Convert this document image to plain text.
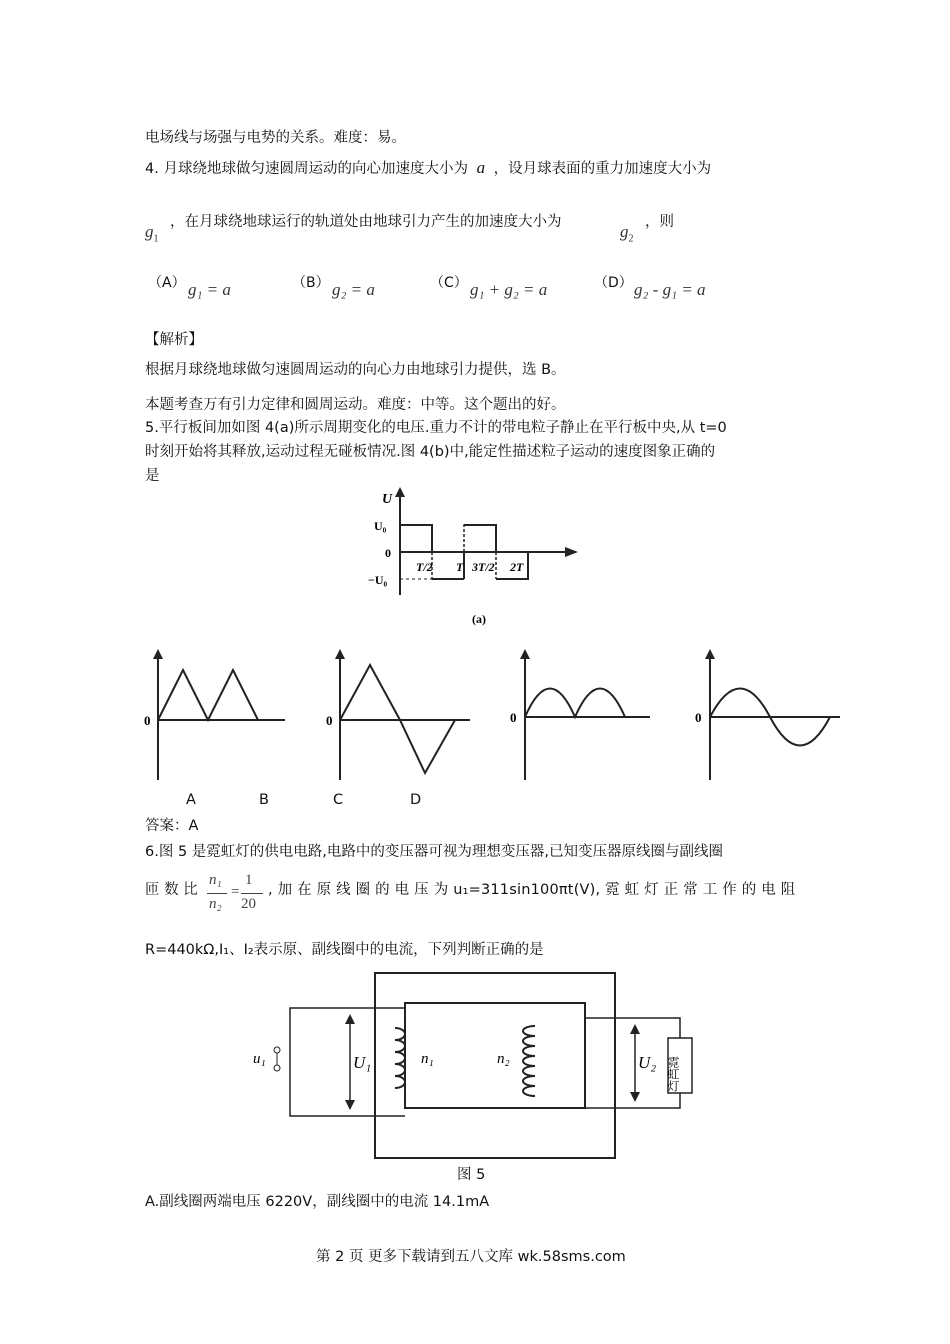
电场线与场强与电势的关系。难度：易。
4. 月球绕地球做匀速圆周运动的向心加速度大小为 a ，设月球表面的重力加速度大小为
$g_1$
，在月球绕地球运行的轨道处由地球引力产生的加速度大小为	$g_2$
，则
（A） g₁ = a	（B） g₂ = a	（C） g₁ + g₂ = a	（D） g₂ - g₁ = a
【解析】
根据月球绕地球做匀速圆周运动的向心力由地球引力提供，选 B。
本题考查万有引力定律和圆周运动。难度：中等。这个题出的好。
5.平行板间加如图 4(a)所示周期变化的电压.重力不计的带电粒子静止在平行板中央,从 t=0
时刻开始将其释放,运动过程无碰板情况.图 4(b)中,能定性描述粒子运动的速度图象正确的
是
U
U₀
0
−U₀
T/2 T 3T/2 2T
(a)
0	0	0	0
A	B	C	D
答案：A
6.图 5 是霓虹灯的供电电路,电路中的变压器可视为理想变压器,已知变压器原线圈与副线圈
匝 数 比
n₁
n₂
=
1
20
, 加 在 原 线 圈 的 电 压 为 u₁=311sin100πt(V), 霓 虹 灯 正 常 工 作 的 电 阻
R=440kΩ,I₁、I₂表示原、副线圈中的电流，下列判断正确的是
u₁	U₁	n₁	n₂	U₂ 霓虹灯
图 5
A.副线圈两端电压 6220V，副线圈中的电流 14.1mA
第 2 页 更多下载请到五八文库 wk.58sms.com
